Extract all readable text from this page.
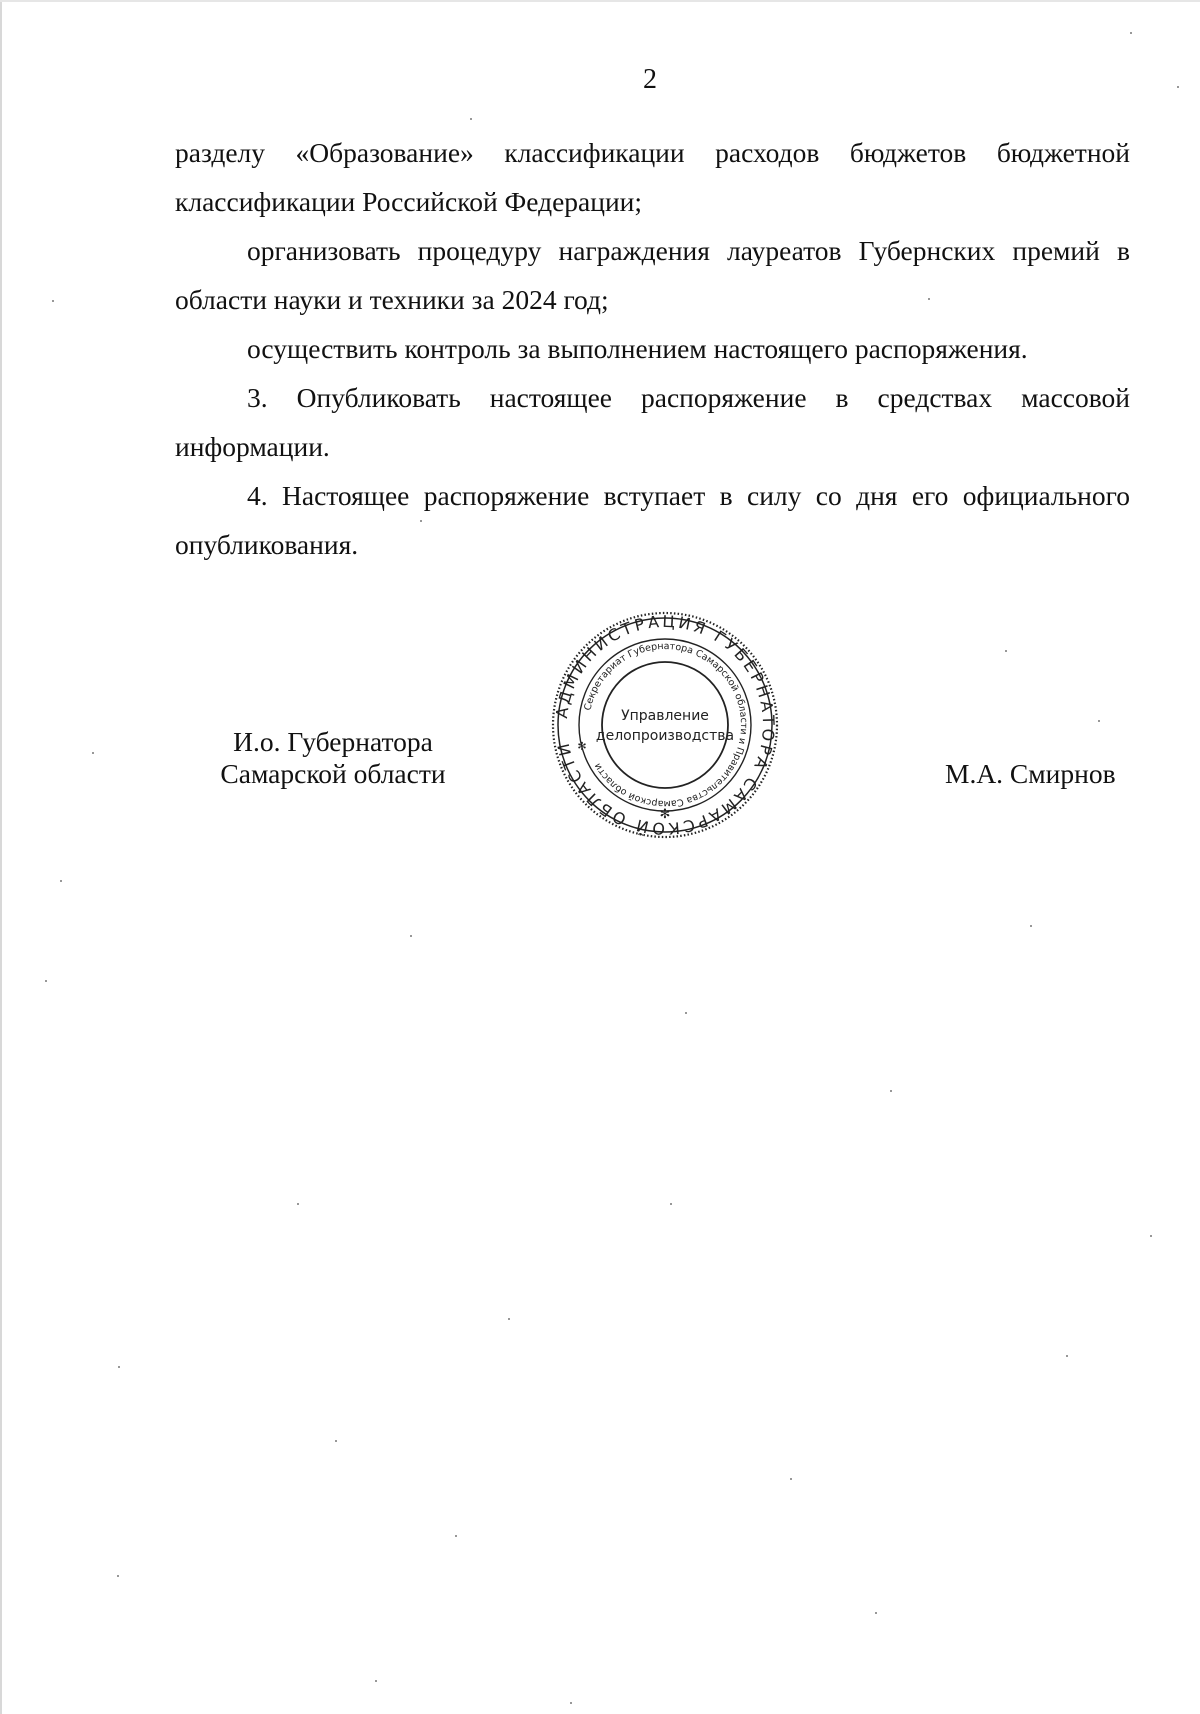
2

разделу «Образование» классификации расходов бюджетов бюджетной классификации Российской Федерации;

организовать процедуру награждения лауреатов Губернских премий в области науки и техники за 2024 год;

осуществить контроль за выполнением настоящего распоряжения.

3. Опубликовать настоящее распоряжение в средствах массовой информации.

4. Настоящее распоряжение вступает в силу со дня его официального опубликования.

И.о. Губернатора
Самарской области	М.А. Смирнов
АДМИНИСТРАЦИЯ ГУБЕРНАТОРА САМАРСКОЙ ОБЛАСТИ
Секретариат Губернатора Самарской области и Правительства Самарской области
Управление
делопроизводства
✻
✻
